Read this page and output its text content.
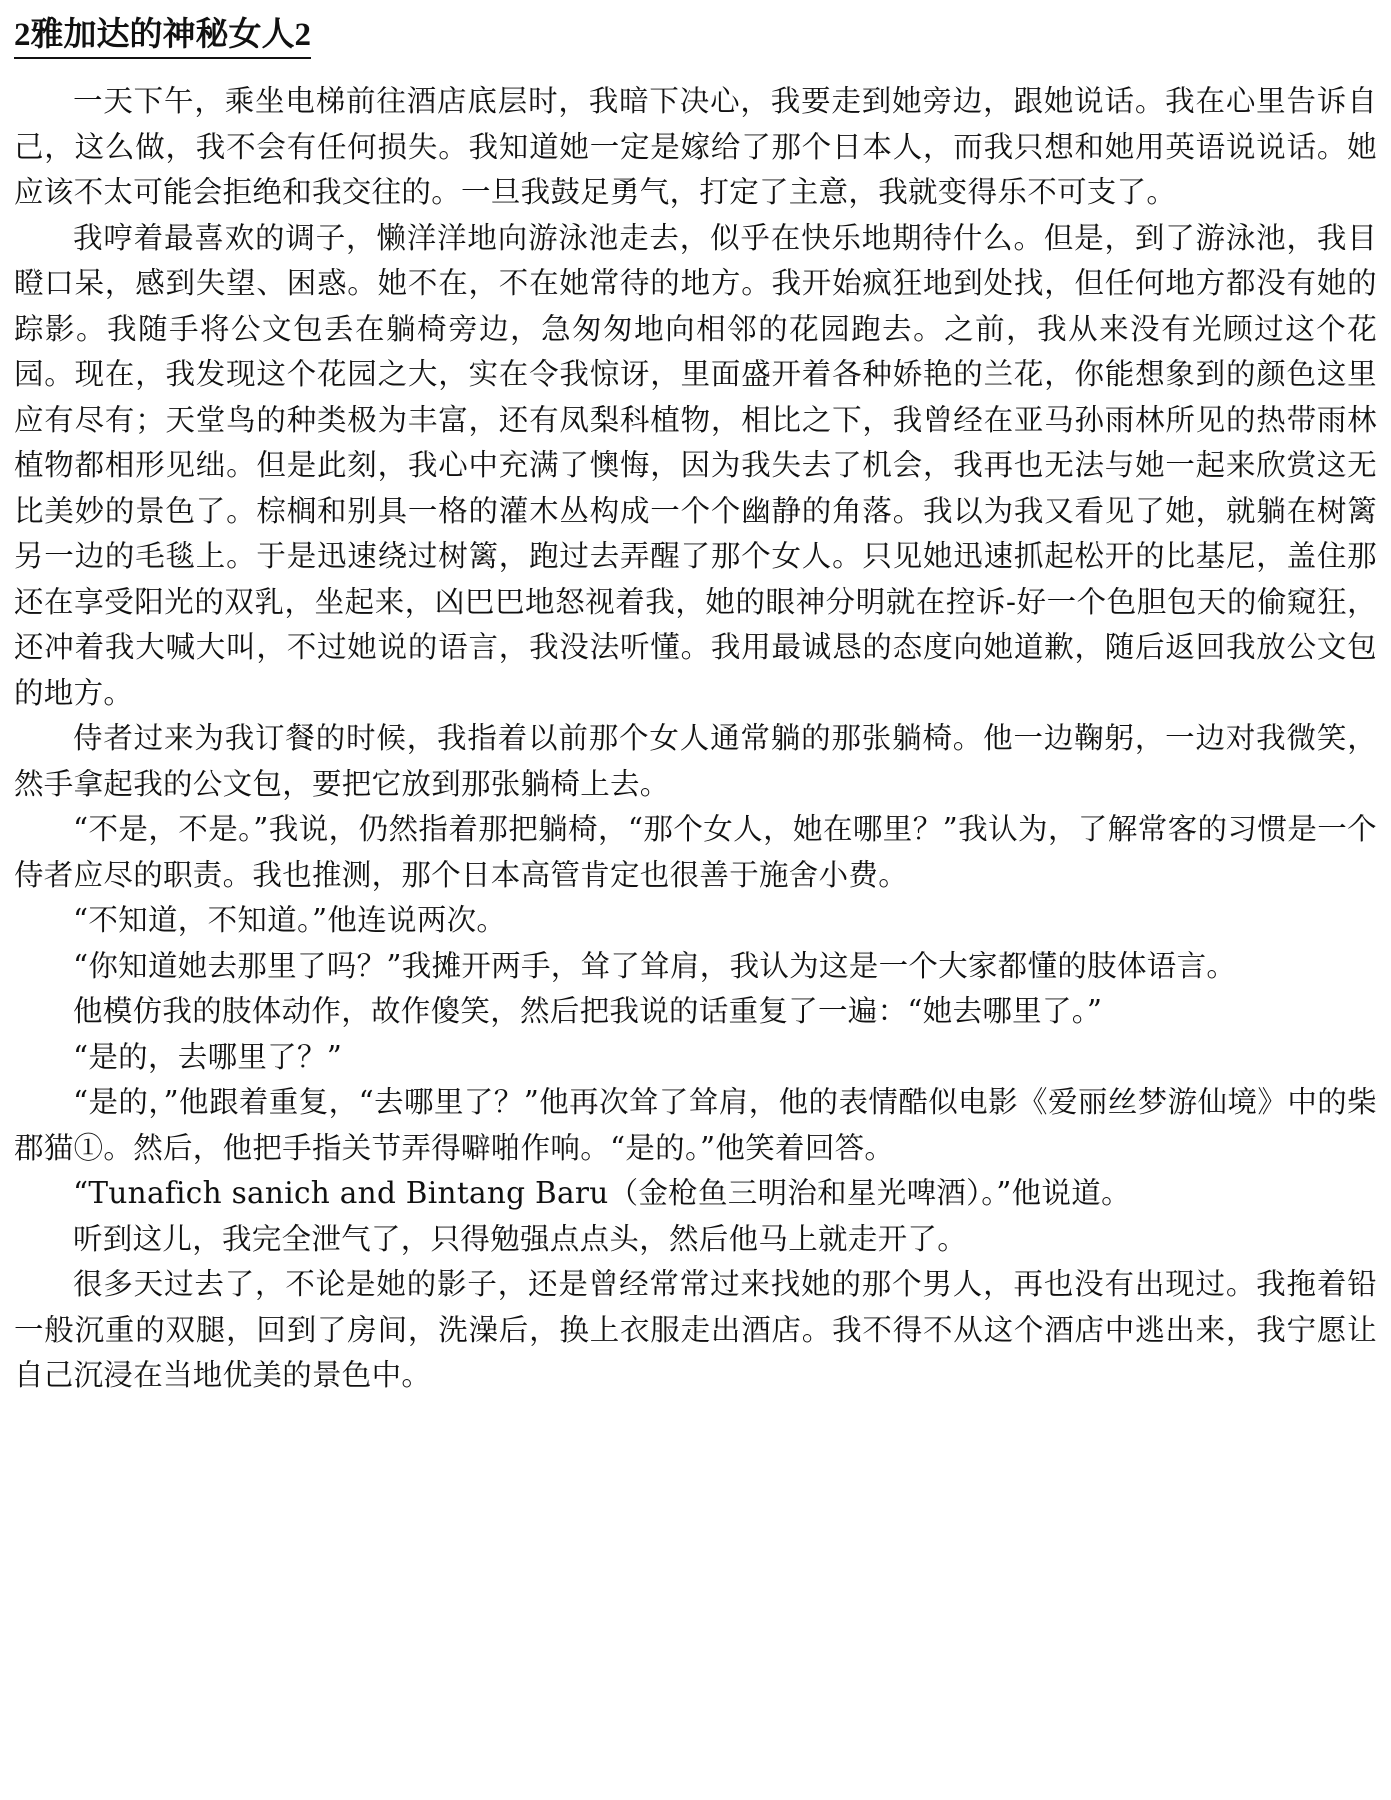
2雅加达的神秘女人2

一天下午，乘坐电梯前往酒店底层时，我暗下决心，我要走到她旁边，跟她说话。我在心里告诉自己，这么做，我不会有任何损失。我知道她一定是嫁给了那个日本人，而我只想和她用英语说说话。她应该不太可能会拒绝和我交往的。一旦我鼓足勇气，打定了主意，我就变得乐不可支了。

我哼着最喜欢的调子，懒洋洋地向游泳池走去，似乎在快乐地期待什么。但是，到了游泳池，我目瞪口呆，感到失望、困惑。她不在，不在她常待的地方。我开始疯狂地到处找，但任何地方都没有她的踪影。我随手将公文包丢在躺椅旁边，急匆匆地向相邻的花园跑去。之前，我从来没有光顾过这个花园。现在，我发现这个花园之大，实在令我惊讶，里面盛开着各种娇艳的兰花，你能想象到的颜色这里应有尽有；天堂鸟的种类极为丰富，还有凤梨科植物，相比之下，我曾经在亚马孙雨林所见的热带雨林植物都相形见绌。但是此刻，我心中充满了懊悔，因为我失去了机会，我再也无法与她一起来欣赏这无比美妙的景色了。棕榈和别具一格的灌木丛构成一个个幽静的角落。我以为我又看见了她，就躺在树篱另一边的毛毯上。于是迅速绕过树篱，跑过去弄醒了那个女人。只见她迅速抓起松开的比基尼，盖住那还在享受阳光的双乳，坐起来，凶巴巴地怒视着我，她的眼神分明就在控诉-好一个色胆包天的偷窥狂，还冲着我大喊大叫，不过她说的语言，我没法听懂。我用最诚恳的态度向她道歉，随后返回我放公文包的地方。

侍者过来为我订餐的时候，我指着以前那个女人通常躺的那张躺椅。他一边鞠躬，一边对我微笑，然手拿起我的公文包，要把它放到那张躺椅上去。

“不是，不是。”我说，仍然指着那把躺椅，“那个女人，她在哪里？”我认为，了解常客的习惯是一个侍者应尽的职责。我也推测，那个日本高管肯定也很善于施舍小费。

“不知道，不知道。”他连说两次。

“你知道她去那里了吗？”我摊开两手，耸了耸肩，我认为这是一个大家都懂的肢体语言。

他模仿我的肢体动作，故作傻笑，然后把我说的话重复了一遍：“她去哪里了。”

“是的，去哪里了？”

“是的，”他跟着重复，“去哪里了？”他再次耸了耸肩，他的表情酷似电影《爱丽丝梦游仙境》中的柴郡猫①。然后，他把手指关节弄得噼啪作响。“是的。”他笑着回答。

“Tunafich sanich and Bintang Baru（金枪鱼三明治和星光啤酒）。”他说道。

听到这儿，我完全泄气了，只得勉强点点头，然后他马上就走开了。

很多天过去了，不论是她的影子，还是曾经常常过来找她的那个男人，再也没有出现过。我拖着铅一般沉重的双腿，回到了房间，洗澡后，换上衣服走出酒店。我不得不从这个酒店中逃出来，我宁愿让自己沉浸在当地优美的景色中。
